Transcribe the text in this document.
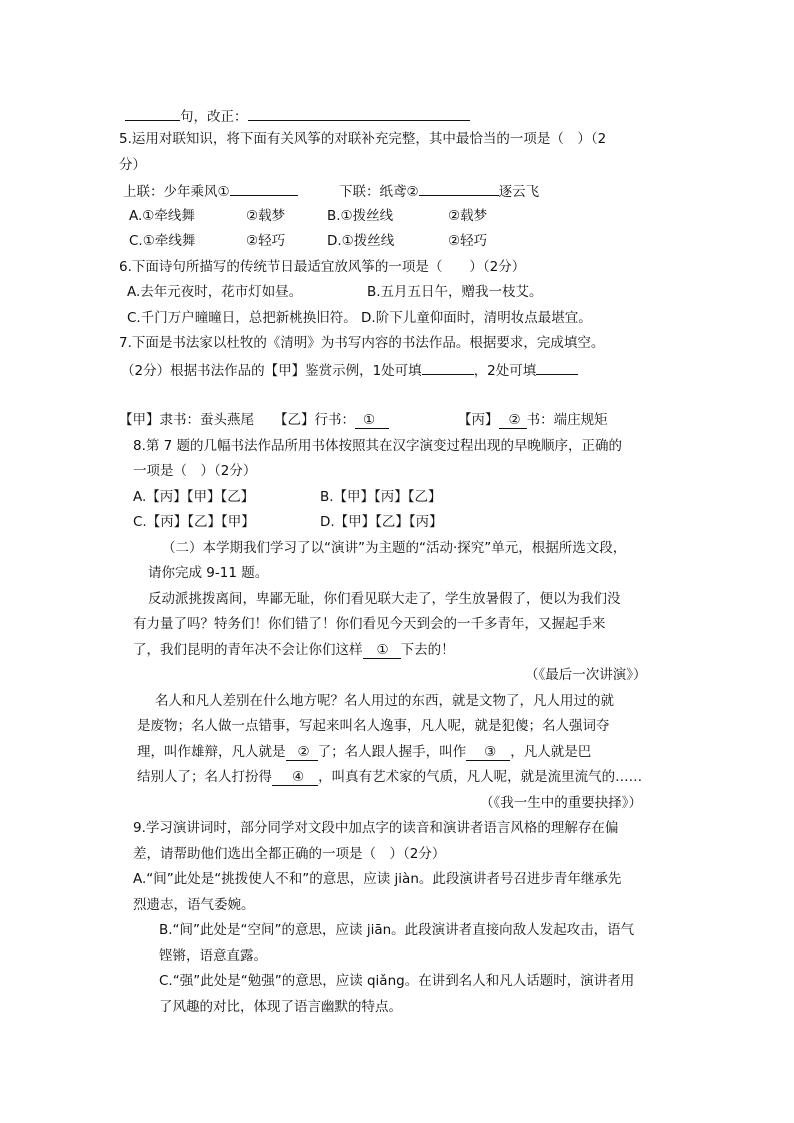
句，改正：
5.运用对联知识，将下面有关风筝的对联补充完整，其中最恰当的一项是（　）（2
分）
上联：少年乘风①	下联：纸鸢②	逐云飞
A.①牵线舞	②载梦	B.①拨丝线	②载梦
C.①牵线舞	②轻巧	D.①拨丝线	②轻巧
6.下面诗句所描写的传统节日最适宜放风筝的一项是（　　）（2分）
A.去年元夜时，花市灯如昼。	B.五月五日午，赠我一枝艾。
C.千门万户曈曈日，总把新桃换旧符。 D.阶下儿童仰面时，清明妆点最堪宜。
7.下面是书法家以杜牧的《清明》为书写内容的书法作品。根据要求，完成填空。
（2分）根据书法作品的【甲】鉴赏示例，1处可填	，2处可填
【甲】隶书：蚕头燕尾 【乙】行书： ①	【丙】 ② 书：端庄规矩
8.第 7 题的几幅书法作品所用书体按照其在汉字演变过程出现的早晚顺序，正确的
一项是（　）（2分）
A.【丙】【甲】【乙】	B.【甲】【丙】【乙】
C.【丙】【乙】【甲】	D.【甲】【乙】【丙】
（二）本学期我们学习了以“演讲”为主题的“活动·探究”单元，根据所选文段，
请你完成 9-11 题。
反动派挑拨离间，卑鄙无耻，你们看见联大走了，学生放暑假了，便以为我们没
有力量了吗？特务们！你们错了！你们看见今天到会的一千多青年，又握起手来
了，我们昆明的青年决不会让你们这样 ① 下去的！
（《最后一次讲演》）
名人和凡人差别在什么地方呢？名人用过的东西，就是文物了，凡人用过的就
是废物；名人做一点错事，写起来叫名人逸事，凡人呢，就是犯傻；名人强词夺
理，叫作雄辩，凡人就是 ② 了；名人跟人握手，叫作 ③ ，凡人就是巴
结别人了；名人打扮得 ④ ，叫真有艺术家的气质，凡人呢，就是流里流气的……
（《我一生中的重要抉择》）
9.学习演讲词时，部分同学对文段中加点字的读音和演讲者语言风格的理解存在偏
差，请帮助他们选出全都正确的一项是（　）（2分）
A.“间”此处是“挑拨使人不和”的意思，应读 jiàn。此段演讲者号召进步青年继承先
烈遗志，语气委婉。
B.“间”此处是“空间”的意思，应读 jiān。此段演讲者直接向敌人发起攻击，语气
铿锵，语意直露。
C.“强”此处是“勉强”的意思，应读 qiǎng。在讲到名人和凡人话题时，演讲者用
了风趣的对比，体现了语言幽默的特点。
